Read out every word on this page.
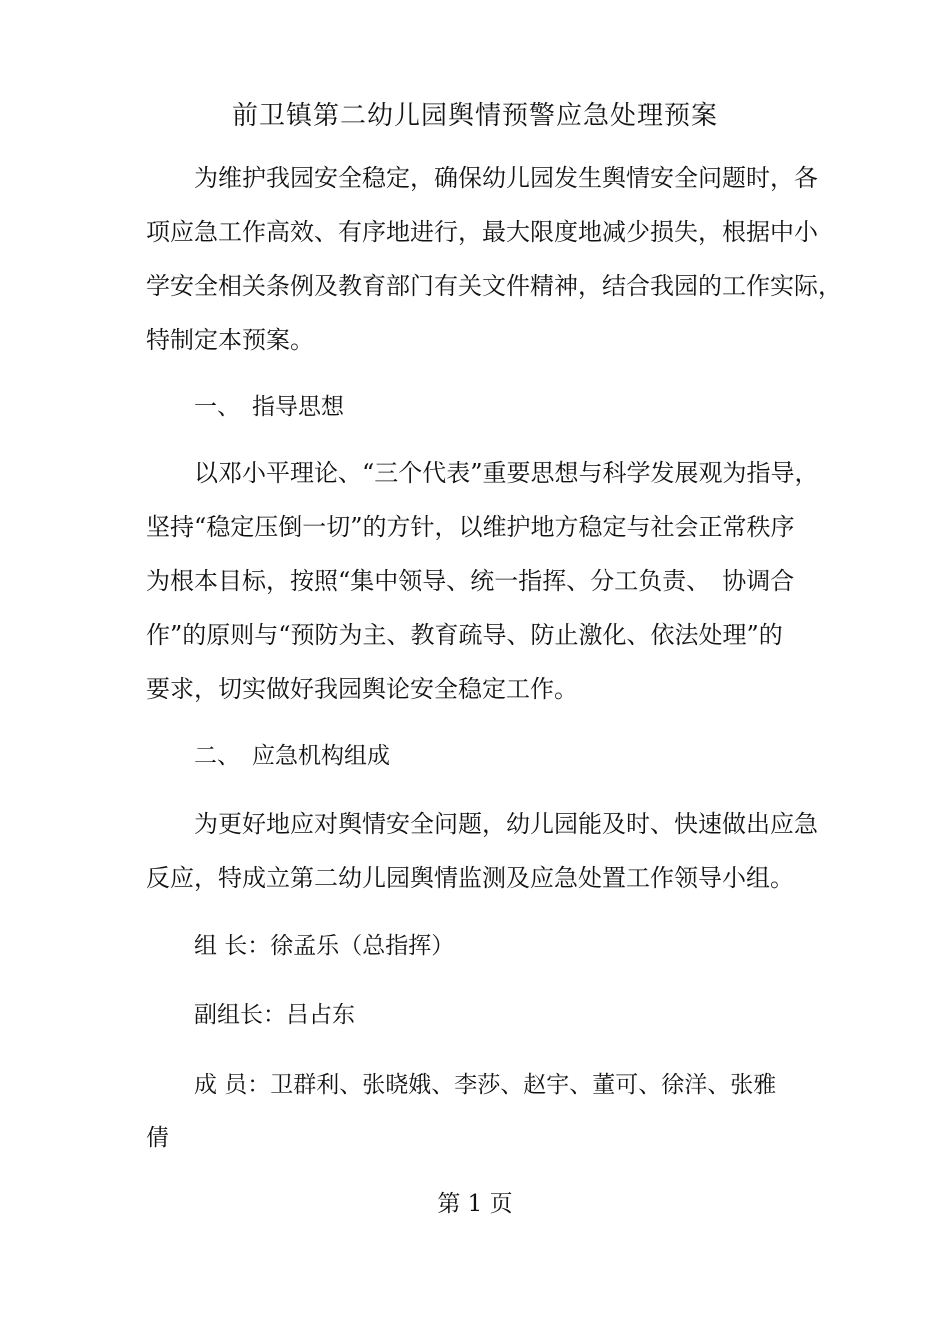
前卫镇第二幼儿园舆情预警应急处理预案
　　为维护我园安全稳定，确保幼儿园发生舆情安全问题时，各
项应急工作高效、有序地进行，最大限度地减少损失，根据中小
学安全相关条例及教育部门有关文件精神，结合我园的工作实际，
特制定本预案。
一、 指导思想
　　以邓小平理论、“三个代表”重要思想与科学发展观为指导，
坚持“稳定压倒一切”的方针，以维护地方稳定与社会正常秩序
为根本目标，按照“集中领导、统一指挥、分工负责、　协调合
作”的原则与“预防为主、教育疏导、防止激化、依法处理”的
要求，切实做好我园舆论安全稳定工作。
二、 应急机构组成
　　为更好地应对舆情安全问题，幼儿园能及时、快速做出应急
反应，特成立第二幼儿园舆情监测及应急处置工作领导小组。

组 长：徐孟乐（总指挥）

副组长：吕占东

成 员：卫群利、张晓娥、李莎、赵宇、董可、徐洋、张雅

倩

第 1 页
